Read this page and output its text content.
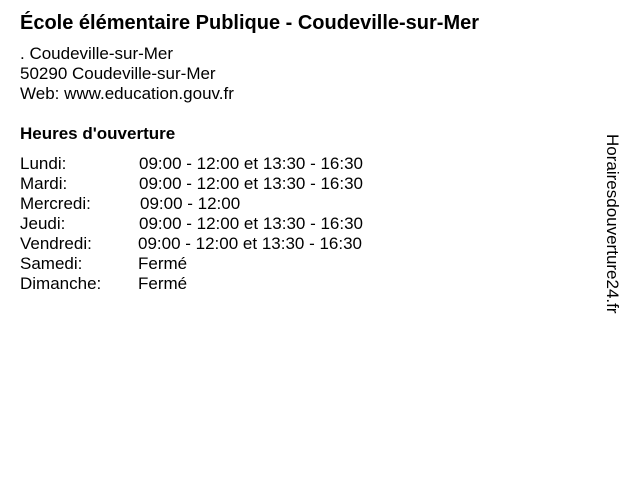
École élémentaire Publique - Coudeville-sur-Mer
. Coudeville-sur-Mer
50290 Coudeville-sur-Mer
Web: www.education.gouv.fr
Heures d'ouverture
Lundi:	09:00 - 12:00 et 13:30 - 16:30
Mardi:	09:00 - 12:00 et 13:30 - 16:30
Mercredi:	09:00 - 12:00
Jeudi:	09:00 - 12:00 et 13:30 - 16:30
Vendredi:	09:00 - 12:00 et 13:30 - 16:30
Samedi:	Fermé
Dimanche: Fermé	Horairesdouverture24.fr
